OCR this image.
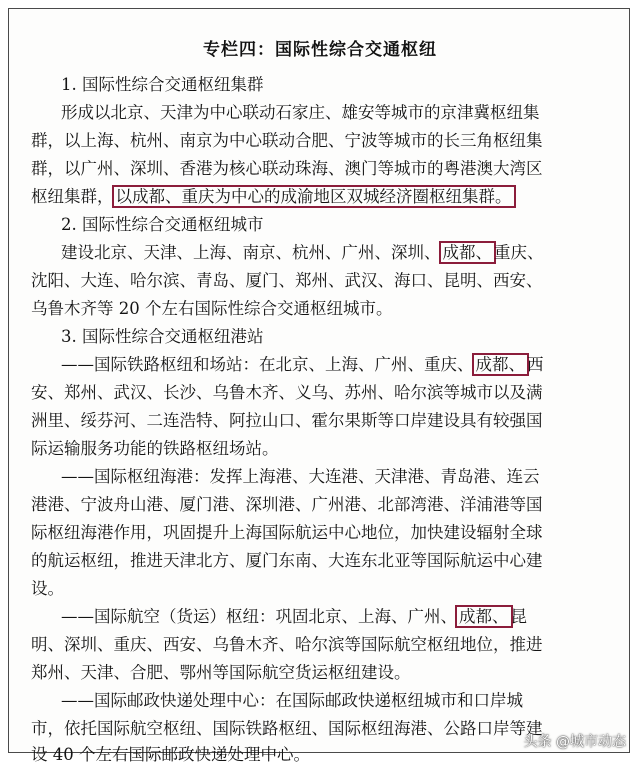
专栏四：国际性综合交通枢纽
1. 国际性综合交通枢纽集群
形成以北京、天津为中心联动石家庄、雄安等城市的京津冀枢纽集
群，以上海、杭州、南京为中心联动合肥、宁波等城市的长三角枢纽集
群，以广州、深圳、香港为核心联动珠海、澳门等城市的粤港澳大湾区
枢纽集群， 以成都、重庆为中心的成渝地区双城经济圈枢纽集群。
2. 国际性综合交通枢纽城市
建设北京、天津、上海、南京、杭州、广州、深圳、 成都、 重庆、
沈阳、大连、哈尔滨、青岛、厦门、郑州、武汉、海口、昆明、西安、
乌鲁木齐等 20 个左右国际性综合交通枢纽城市。
3. 国际性综合交通枢纽港站
——国际铁路枢纽和场站：在北京、上海、广州、重庆、 成都、 西
安、郑州、武汉、长沙、乌鲁木齐、义乌、苏州、哈尔滨等城市以及满
洲里、绥芬河、二连浩特、阿拉山口、霍尔果斯等口岸建设具有较强国
际运输服务功能的铁路枢纽场站。
——国际枢纽海港：发挥上海港、大连港、天津港、青岛港、连云
港港、宁波舟山港、厦门港、深圳港、广州港、北部湾港、洋浦港等国
际枢纽海港作用，巩固提升上海国际航运中心地位，加快建设辐射全球
的航运枢纽，推进天津北方、厦门东南、大连东北亚等国际航运中心建
设。
——国际航空（货运）枢纽：巩固北京、上海、广州、 成都、 昆
明、深圳、重庆、西安、乌鲁木齐、哈尔滨等国际航空枢纽地位，推进
郑州、天津、合肥、鄂州等国际航空货运枢纽建设。
——国际邮政快递处理中心：在国际邮政快递枢纽城市和口岸城
市，依托国际航空枢纽、国际铁路枢纽、国际枢纽海港、公路口岸等建
设 40 个左右国际邮政快递处理中心。
头条 @城市动态
